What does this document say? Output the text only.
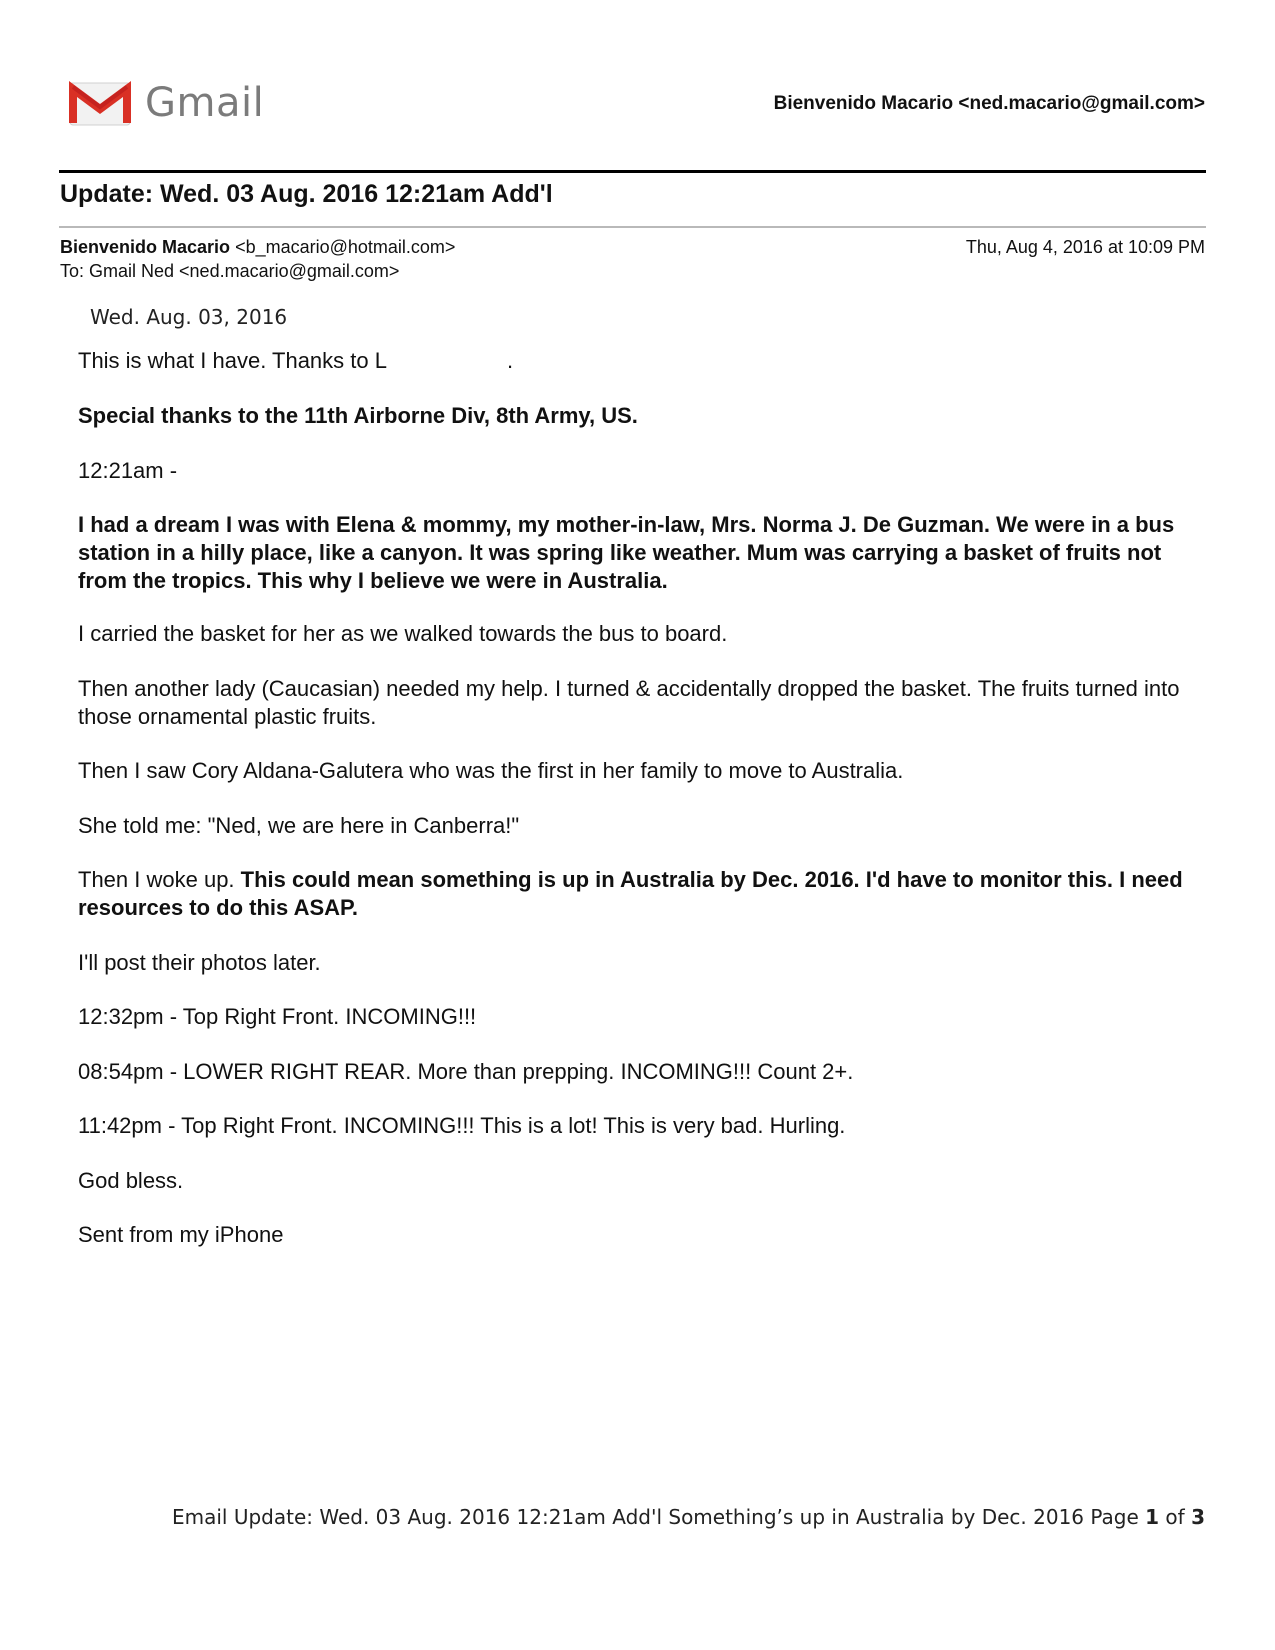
Gmail	Bienvenido Macario <ned.macario@gmail.com>
Update: Wed. 03 Aug. 2016 12:21am Add'l
Bienvenido Macario <b_macario@hotmail.com>
To: Gmail Ned <ned.macario@gmail.com>
Thu, Aug 4, 2016 at 10:09 PM
Wed. Aug. 03, 2016
This is what I have. Thanks to L	.
Special thanks to the 11th Airborne Div, 8th Army, US.
12:21am -
I had a dream I was with Elena & mommy, my mother-in-law, Mrs. Norma J. De Guzman. We were in a bus station in a hilly place, like a canyon. It was spring like weather. Mum was carrying a basket of fruits not from the tropics. This why I believe we were in Australia.
I carried the basket for her as we walked towards the bus to board.
Then another lady (Caucasian) needed my help. I turned & accidentally dropped the basket. The fruits turned into those ornamental plastic fruits.
Then I saw Cory Aldana-Galutera who was the first in her family to move to Australia.
She told me: "Ned, we are here in Canberra!"
Then I woke up. This could mean something is up in Australia by Dec. 2016. I'd have to monitor this. I need resources to do this ASAP.
I'll post their photos later.
12:32pm - Top Right Front. INCOMING!!!
08:54pm - LOWER RIGHT REAR. More than prepping. INCOMING!!! Count 2+.
11:42pm - Top Right Front. INCOMING!!! This is a lot! This is very bad. Hurling.
God bless.
Sent from my iPhone
Email Update: Wed. 03 Aug. 2016 12:21am Add'l Something’s up in Australia by Dec. 2016 Page 1 of 3
